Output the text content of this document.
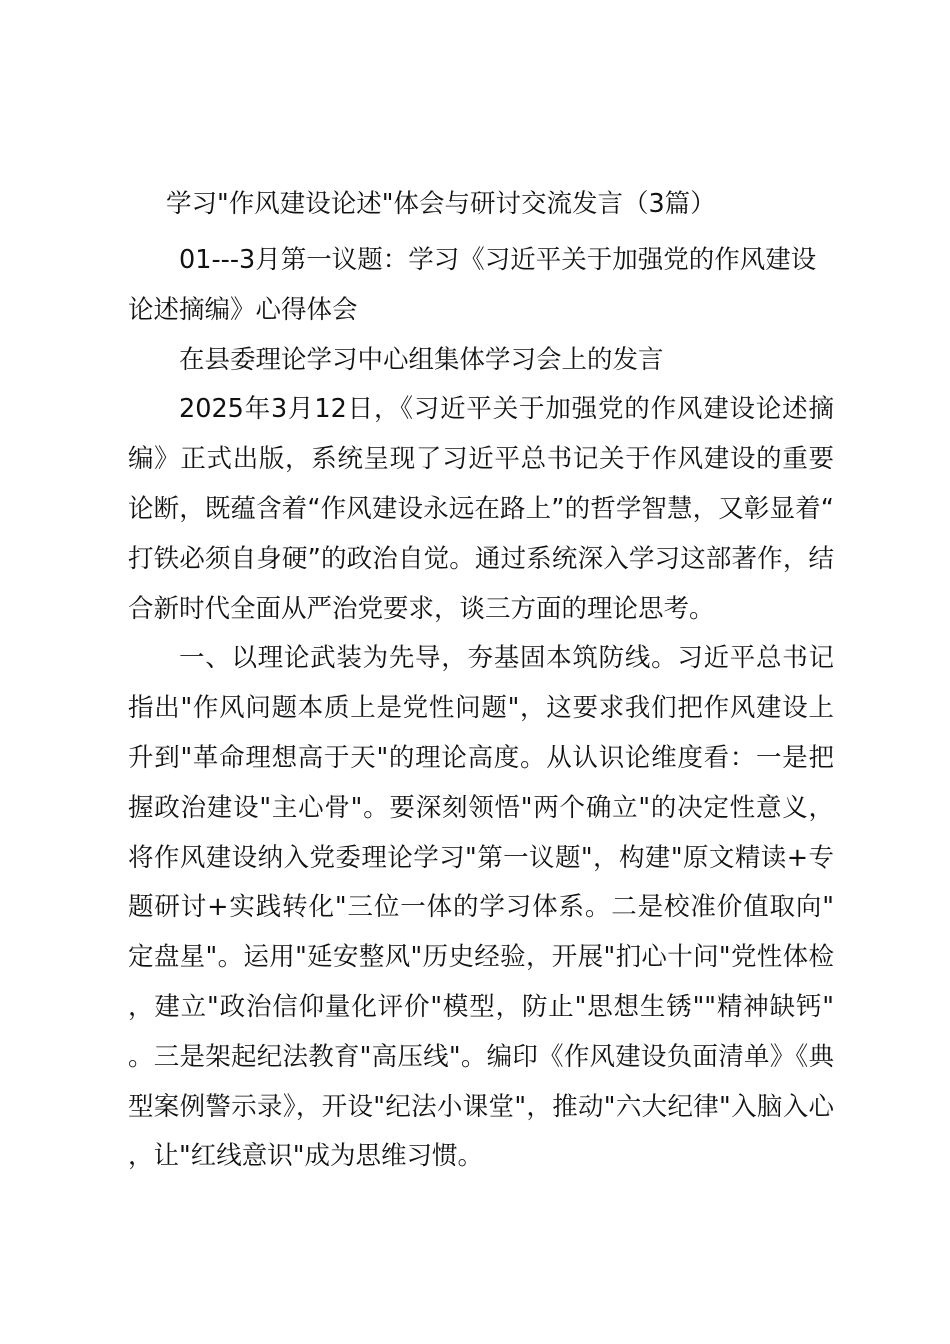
学习"作风建设论述"体会与研讨交流发言（3篇）

01---3月第一议题：学习《习近平关于加强党的作风建设论述摘编》心得体会

在县委理论学习中心组集体学习会上的发言

2025年3月12日，《习近平关于加强党的作风建设论述摘编》正式出版，系统呈现了习近平总书记关于作风建设的重要论断，既蕴含着“作风建设永远在路上”的哲学智慧，又彰显着“打铁必须自身硬”的政治自觉。通过系统深入学习这部著作，结合新时代全面从严治党要求，谈三方面的理论思考。

一、以理论武装为先导，夯基固本筑防线。习近平总书记指出"作风问题本质上是党性问题"，这要求我们把作风建设上升到"革命理想高于天"的理论高度。从认识论维度看：一是把握政治建设"主心骨"。要深刻领悟"两个确立"的决定性意义，将作风建设纳入党委理论学习"第一议题"，构建"原文精读+专题研讨+实践转化"三位一体的学习体系。二是校准价值取向"定盘星"。运用"延安整风"历史经验，开展"扪心十问"党性体检，建立"政治信仰量化评价"模型，防止"思想生锈""精神缺钙"。三是架起纪法教育"高压线"。编印《作风建设负面清单》《典型案例警示录》，开设"纪法小课堂"，推动"六大纪律"入脑入心，让"红线意识"成为思维习惯。
